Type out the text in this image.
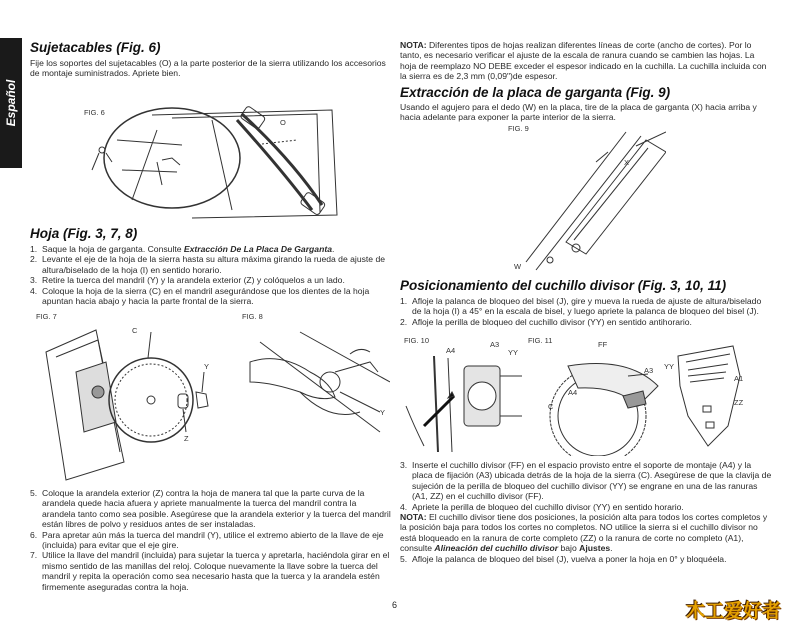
Español
Sujetacables (Fig. 6)

Fije los soportes del sujetacables (O) a la parte posterior de la sierra utilizando los accesorios de montaje suministrados. Apriete bien.

FIG. 6
O
Hoja (Fig. 3, 7, 8)
1. Saque la hoja de garganta. Consulte Extracción De La Placa De Garganta.
2. Levante el eje de la hoja de la sierra hasta su altura máxima girando la rueda de ajuste de altura/biselado de la hoja (I) en sentido horario.
3. Retire la tuerca del mandril (Y) y la arandela exterior (Z) y colóquelos a un lado.
4. Coloque la hoja de la sierra (C) en el mandril asegurándose que los dientes de la hoja apuntan hacia abajo y hacia la parte frontal de la sierra.
FIG. 7
C
Y
Z
FIG. 8
Y
5. Coloque la arandela exterior (Z) contra la hoja de manera tal que la parte curva de la arandela quede hacia afuera y apriete manualmente la tuerca del mandril contra la arandela tanto como sea posible. Asegúrese que la arandela exterior y la tuerca del mandril están libres de polvo y residuos antes de ser instaladas.
6. Para apretar aún más la tuerca del mandril (Y), utilice el extremo abierto de la llave de eje (incluida) para evitar que el eje gire.
7. Utilice la llave del mandril (incluida) para sujetar la tuerca y apretarla, haciéndola girar en el mismo sentido de las manillas del reloj. Coloque nuevamente la llave sobre la tuerca del mandril y repita la operación como sea necesario hasta que la tuerca y la arandela estén firmemente aseguradas contra la hoja.

NOTA: Diferentes tipos de hojas realizan diferentes líneas de corte (ancho de cortes). Por lo tanto, es necesario verificar el ajuste de la escala de ranura cuando se cambien las hojas. La hoja de reemplazo NO DEBE exceder el espesor indicado en la cuchilla. La cuchilla incluida con la sierra es de 2,3 mm (0,09")de espesor.

Extracción de la placa de garganta (Fig. 9)

Usando el agujero para el dedo (W) en la placa, tire de la placa de garganta (X) hacia arriba y hacia adelante para exponer la parte interior de la sierra.

FIG. 9
X
W
Posicionamiento del cuchillo divisor (Fig. 3, 10, 11)
1. Afloje la palanca de bloqueo del bisel (J), gire y mueva la rueda de ajuste de altura/biselado de la hoja (I) a 45° en la escala de bisel, y luego apriete la palanca de bloqueo del bisel (J).
2. Afloje la perilla de bloqueo del cuchillo divisor (YY) en sentido antihorario.
FIG. 10
A4
A3
YY
FIG. 11	FF
A3 YY
A4
C
A1
ZZ
3. Inserte el cuchillo divisor (FF) en el espacio provisto entre el soporte de montaje (A4) y la placa de fijación (A3) ubicada detrás de la hoja de la sierra (C). Asegúrese de que la clavija de sujeción de la perilla de bloqueo del cuchillo divisor (YY) se engrane en una de las ranuras (A1, ZZ) en el cuchillo divisor (FF).
4. Apriete la perilla de bloqueo del cuchillo divisor (YY) en sentido horario.

NOTA: El cuchillo divisor tiene dos posiciones, la posición alta para todos los cortes completos y la posición baja para todos los cortes no completos. NO utilice la sierra si el cuchillo divisor no está bloqueado en la ranura de corte completo (ZZ) o la ranura de corte no completo (A1), consulte Alineación del cuchillo divisor bajo Ajustes.

5. Afloje la palanca de bloqueo del bisel (J), vuelva a poner la hoja en 0° y bloquéela.
6	木工爱好者
